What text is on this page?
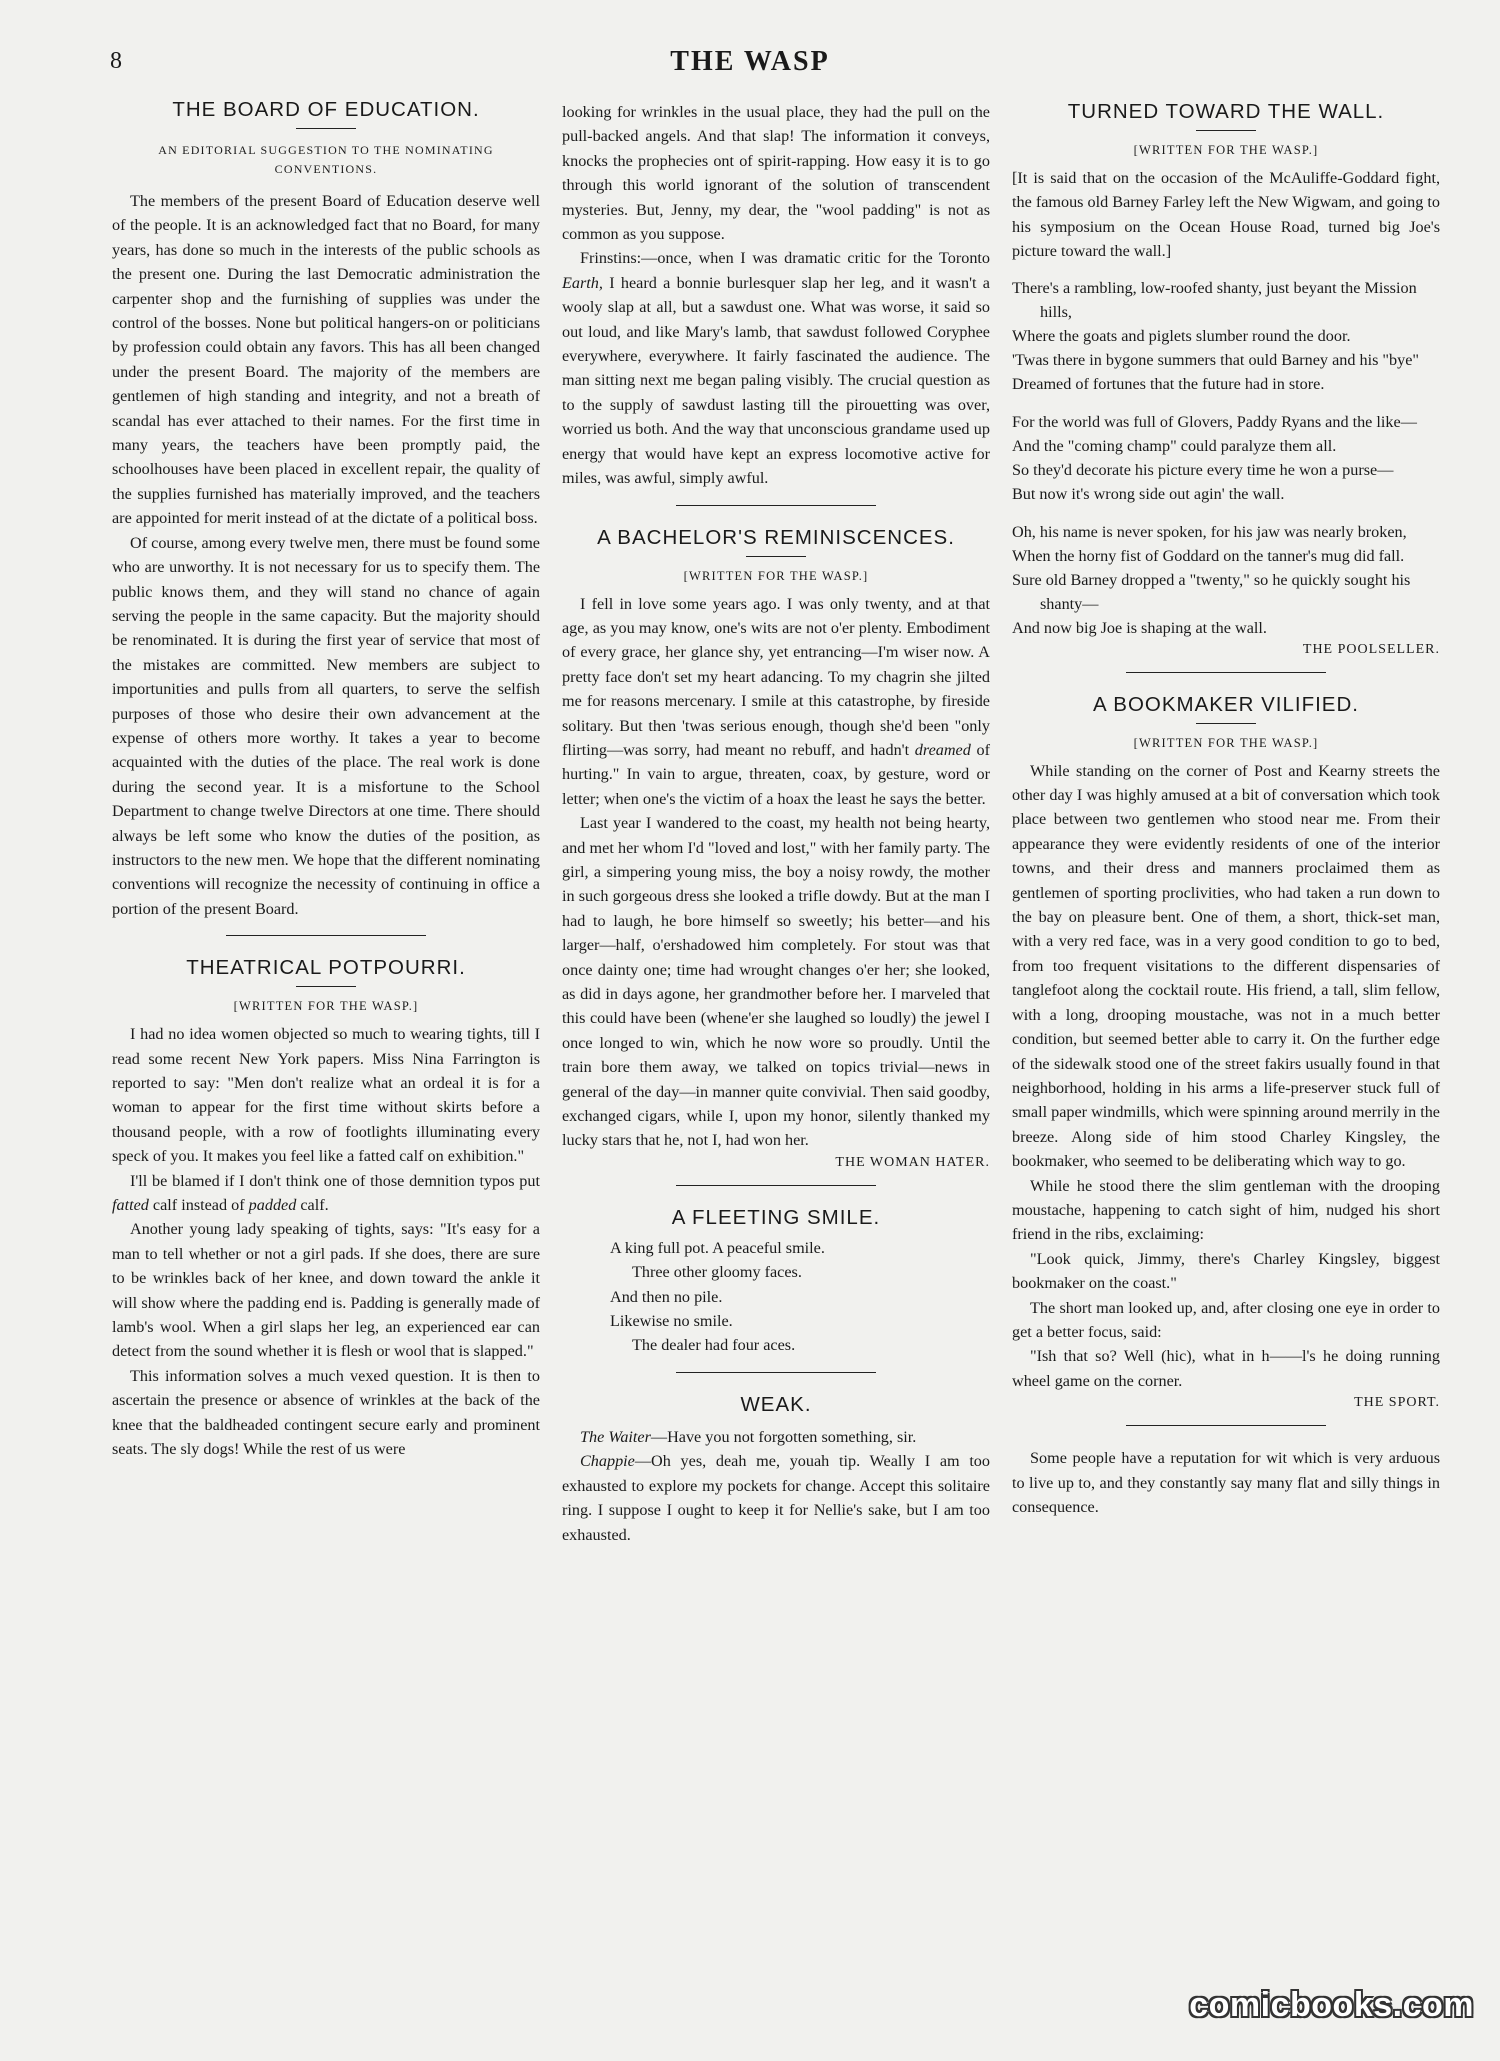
8	THE WASP
THE BOARD OF EDUCATION.
AN EDITORIAL SUGGESTION TO THE NOMINATING CONVENTIONS.

The members of the present Board of Education deserve well of the people. It is an acknowledged fact that no Board, for many years, has done so much in the interests of the public schools as the present one. During the last Democratic administration the carpenter shop and the furnishing of supplies was under the control of the bosses. None but political hangers-on or politicians by profession could obtain any favors. This has all been changed under the present Board. The majority of the members are gentlemen of high standing and integrity, and not a breath of scandal has ever attached to their names. For the first time in many years, the teachers have been promptly paid, the schoolhouses have been placed in excellent repair, the quality of the supplies furnished has materially improved, and the teachers are appointed for merit instead of at the dictate of a political boss.

Of course, among every twelve men, there must be found some who are unworthy. It is not necessary for us to specify them. The public knows them, and they will stand no chance of again serving the people in the same capacity. But the majority should be renominated. It is during the first year of service that most of the mistakes are committed. New members are subject to importunities and pulls from all quarters, to serve the selfish purposes of those who desire their own advancement at the expense of others more worthy. It takes a year to become acquainted with the duties of the place. The real work is done during the second year. It is a misfortune to the School Department to change twelve Directors at one time. There should always be left some who know the duties of the position, as instructors to the new men. We hope that the different nominating conventions will recognize the necessity of continuing in office a portion of the present Board.

THEATRICAL POTPOURRI.
[WRITTEN FOR THE WASP.]

I had no idea women objected so much to wearing tights, till I read some recent New York papers. Miss Nina Farrington is reported to say: "Men don't realize what an ordeal it is for a woman to appear for the first time without skirts before a thousand people, with a row of footlights illuminating every speck of you. It makes you feel like a fatted calf on exhibition."

I'll be blamed if I don't think one of those demnition typos put fatted calf instead of padded calf.

Another young lady speaking of tights, says: "It's easy for a man to tell whether or not a girl pads. If she does, there are sure to be wrinkles back of her knee, and down toward the ankle it will show where the padding end is. Padding is generally made of lamb's wool. When a girl slaps her leg, an experienced ear can detect from the sound whether it is flesh or wool that is slapped."

This information solves a much vexed question. It is then to ascertain the presence or absence of wrinkles at the back of the knee that the baldheaded contingent secure early and prominent seats. The sly dogs! While the rest of us were

looking for wrinkles in the usual place, they had the pull on the pull-backed angels. And that slap! The information it conveys, knocks the prophecies ont of spirit-rapping. How easy it is to go through this world ignorant of the solution of transcendent mysteries. But, Jenny, my dear, the "wool padding" is not as common as you suppose.

Frinstins:—once, when I was dramatic critic for the Toronto Earth, I heard a bonnie burlesquer slap her leg, and it wasn't a wooly slap at all, but a sawdust one. What was worse, it said so out loud, and like Mary's lamb, that sawdust followed Coryphee everywhere, everywhere. It fairly fascinated the audience. The man sitting next me began paling visibly. The crucial question as to the supply of sawdust lasting till the pirouetting was over, worried us both. And the way that unconscious grandame used up energy that would have kept an express locomotive active for miles, was awful, simply awful.

A BACHELOR'S REMINISCENCES.
[WRITTEN FOR THE WASP.]

I fell in love some years ago. I was only twenty, and at that age, as you may know, one's wits are not o'er plenty. Embodiment of every grace, her glance shy, yet entrancing—I'm wiser now. A pretty face don't set my heart adancing. To my chagrin she jilted me for reasons mercenary. I smile at this catastrophe, by fireside solitary. But then 'twas serious enough, though she'd been "only flirting—was sorry, had meant no rebuff, and hadn't dreamed of hurting." In vain to argue, threaten, coax, by gesture, word or letter; when one's the victim of a hoax the least he says the better.

Last year I wandered to the coast, my health not being hearty, and met her whom I'd "loved and lost," with her family party. The girl, a simpering young miss, the boy a noisy rowdy, the mother in such gorgeous dress she looked a trifle dowdy. But at the man I had to laugh, he bore himself so sweetly; his better—and his larger—half, o'ershadowed him completely. For stout was that once dainty one; time had wrought changes o'er her; she looked, as did in days agone, her grandmother before her. I marveled that this could have been (whene'er she laughed so loudly) the jewel I once longed to win, which he now wore so proudly. Until the train bore them away, we talked on topics trivial—news in general of the day—in manner quite convivial. Then said goodby, exchanged cigars, while I, upon my honor, silently thanked my lucky stars that he, not I, had won her.

THE WOMAN HATER.
A FLEETING SMILE.
A king full pot. A peaceful smile.
Three other gloomy faces.
And then no pile.
Likewise no smile.
The dealer had four aces.
WEAK.

The Waiter—Have you not forgotten something, sir.

Chappie—Oh yes, deah me, youah tip. Weally I am too exhausted to explore my pockets for change. Accept this solitaire ring. I suppose I ought to keep it for Nellie's sake, but I am too exhausted.

TURNED TOWARD THE WALL.
[WRITTEN FOR THE WASP.]

[It is said that on the occasion of the McAuliffe-Goddard fight, the famous old Barney Farley left the New Wigwam, and going to his symposium on the Ocean House Road, turned big Joe's picture toward the wall.]

There's a rambling, low-roofed shanty, just beyant the Mission hills,
Where the goats and piglets slumber round the door.
'Twas there in bygone summers that ould Barney and his "bye"
Dreamed of fortunes that the future had in store.
For the world was full of Glovers, Paddy Ryans and the like—
And the "coming champ" could paralyze them all.
So they'd decorate his picture every time he won a purse—
But now it's wrong side out agin' the wall.
Oh, his name is never spoken, for his jaw was nearly broken,
When the horny fist of Goddard on the tanner's mug did fall.
Sure old Barney dropped a "twenty," so he quickly sought his shanty—
And now big Joe is shaping at the wall.
THE POOLSELLER.
A BOOKMAKER VILIFIED.
[WRITTEN FOR THE WASP.]

While standing on the corner of Post and Kearny streets the other day I was highly amused at a bit of conversation which took place between two gentlemen who stood near me. From their appearance they were evidently residents of one of the interior towns, and their dress and manners proclaimed them as gentlemen of sporting proclivities, who had taken a run down to the bay on pleasure bent. One of them, a short, thick-set man, with a very red face, was in a very good condition to go to bed, from too frequent visitations to the different dispensaries of tanglefoot along the cocktail route. His friend, a tall, slim fellow, with a long, drooping moustache, was not in a much better condition, but seemed better able to carry it. On the further edge of the sidewalk stood one of the street fakirs usually found in that neighborhood, holding in his arms a life-preserver stuck full of small paper windmills, which were spinning around merrily in the breeze. Along side of him stood Charley Kingsley, the bookmaker, who seemed to be deliberating which way to go.

While he stood there the slim gentleman with the drooping moustache, happening to catch sight of him, nudged his short friend in the ribs, exclaiming:

"Look quick, Jimmy, there's Charley Kingsley, biggest bookmaker on the coast."

The short man looked up, and, after closing one eye in order to get a better focus, said:

"Ish that so? Well (hic), what in h——l's he doing running wheel game on the corner.

THE SPORT.

Some people have a reputation for wit which is very arduous to live up to, and they constantly say many flat and silly things in consequence.

comicbooks.com
